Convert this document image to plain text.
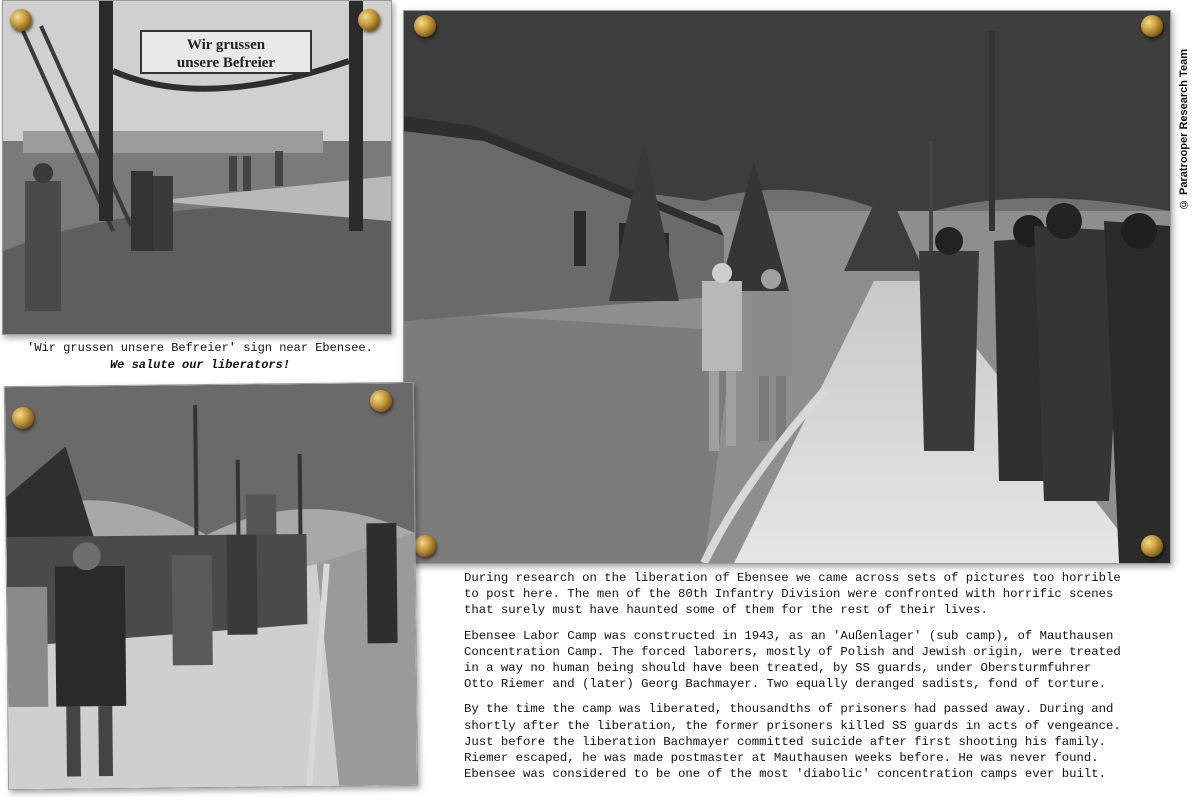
Wir grussen
unsere Befreier
'Wir grussen unsere Befreier' sign near Ebensee.
We salute our liberators!
© Paratrooper Research Team

During research on the liberation of Ebensee we came across sets of pictures too horrible
to post here. The men of the 80th Infantry Division were confronted with horrific scenes
that surely must have haunted some of them for the rest of their lives.

Ebensee Labor Camp was constructed in 1943, as an 'Außenlager' (sub camp), of Mauthausen
Concentration Camp. The forced laborers, mostly of Polish and Jewish origin, were treated
in a way no human being should have been treated, by SS guards, under Obersturmfuhrer
Otto Riemer and (later) Georg Bachmayer. Two equally deranged sadists, fond of torture.

By the time the camp was liberated, thousandths of prisoners had passed away. During and
shortly after the liberation, the former prisoners killed SS guards in acts of vengeance.
Just before the liberation Bachmayer committed suicide after first shooting his family.
Riemer escaped, he was made postmaster at Mauthausen weeks before. He was never found.
Ebensee was considered to be one of the most 'diabolic' concentration camps ever built.
